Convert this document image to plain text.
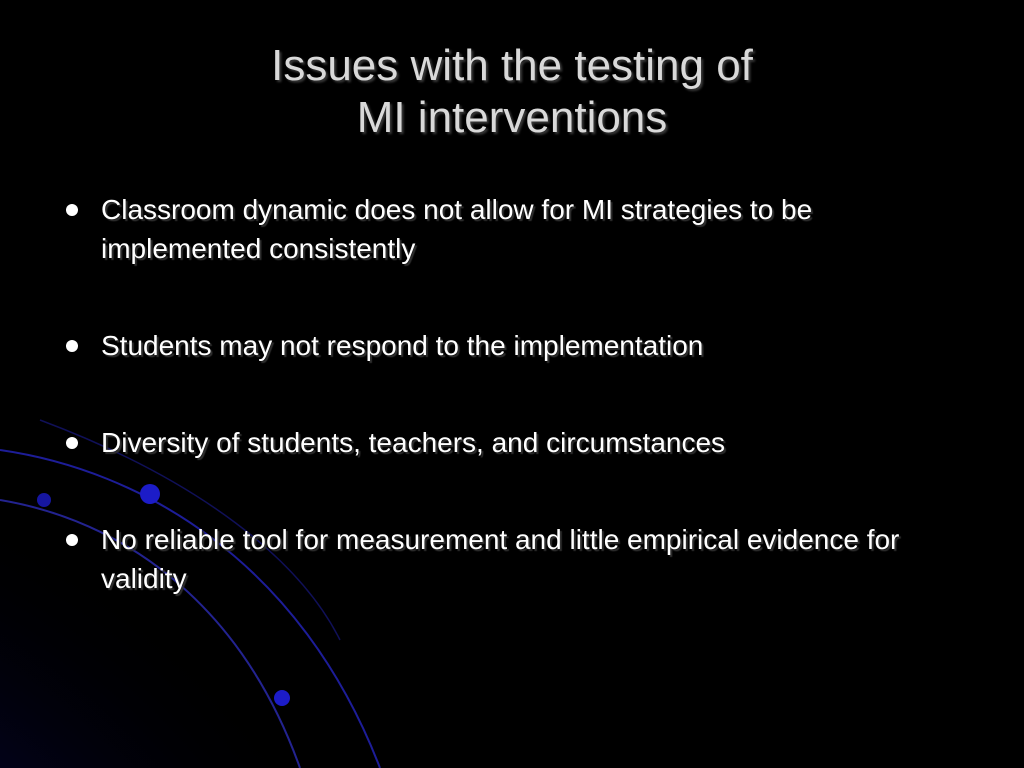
Issues with the testing of
MI interventions
Classroom dynamic does not allow for MI strategies to be implemented consistently
Students may not respond to the implementation
Diversity of students, teachers, and circumstances
No reliable tool for measurement and little empirical evidence for validity
